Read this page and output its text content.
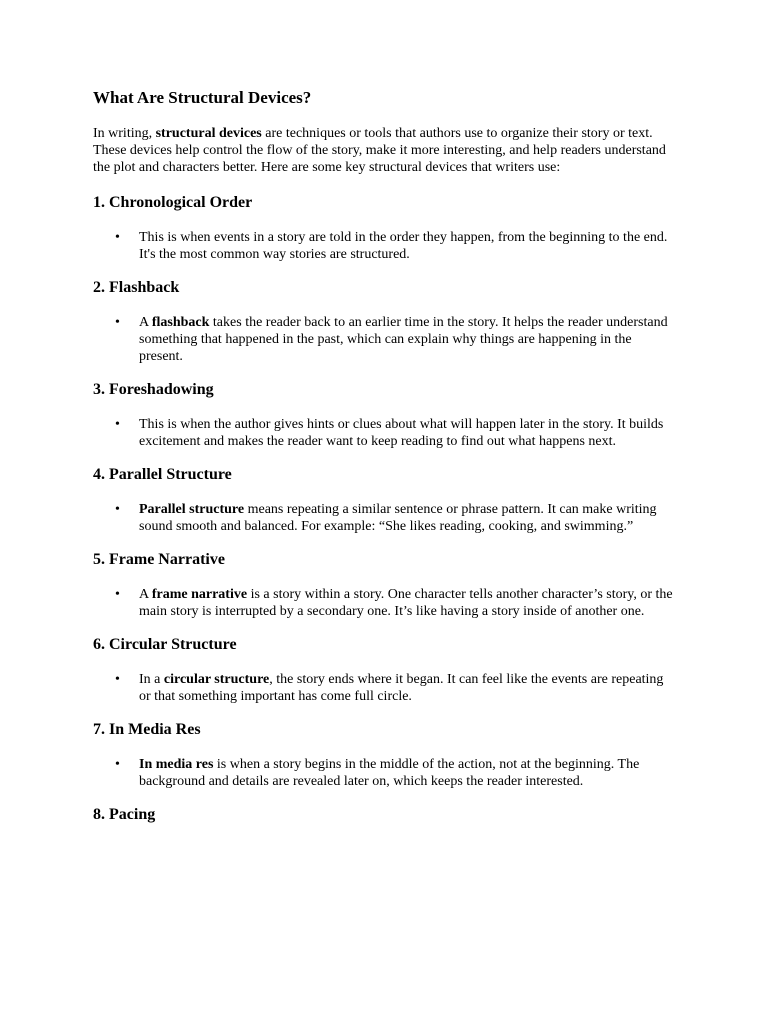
What Are Structural Devices?

In writing, structural devices are techniques or tools that authors use to organize their story or text. These devices help control the flow of the story, make it more interesting, and help readers understand the plot and characters better. Here are some key structural devices that writers use:

1. Chronological Order
• This is when events in a story are told in the order they happen, from the beginning to the end. It's the most common way stories are structured.
2. Flashback
• A flashback takes the reader back to an earlier time in the story. It helps the reader understand something that happened in the past, which can explain why things are happening in the present.
3. Foreshadowing
• This is when the author gives hints or clues about what will happen later in the story. It builds excitement and makes the reader want to keep reading to find out what happens next.
4. Parallel Structure
• Parallel structure means repeating a similar sentence or phrase pattern. It can make writing sound smooth and balanced. For example: “She likes reading, cooking, and swimming.”
5. Frame Narrative
• A frame narrative is a story within a story. One character tells another character’s story, or the main story is interrupted by a secondary one. It’s like having a story inside of another one.
6. Circular Structure
• In a circular structure, the story ends where it began. It can feel like the events are repeating or that something important has come full circle.
7. In Media Res
• In media res is when a story begins in the middle of the action, not at the beginning. The background and details are revealed later on, which keeps the reader interested.
8. Pacing
